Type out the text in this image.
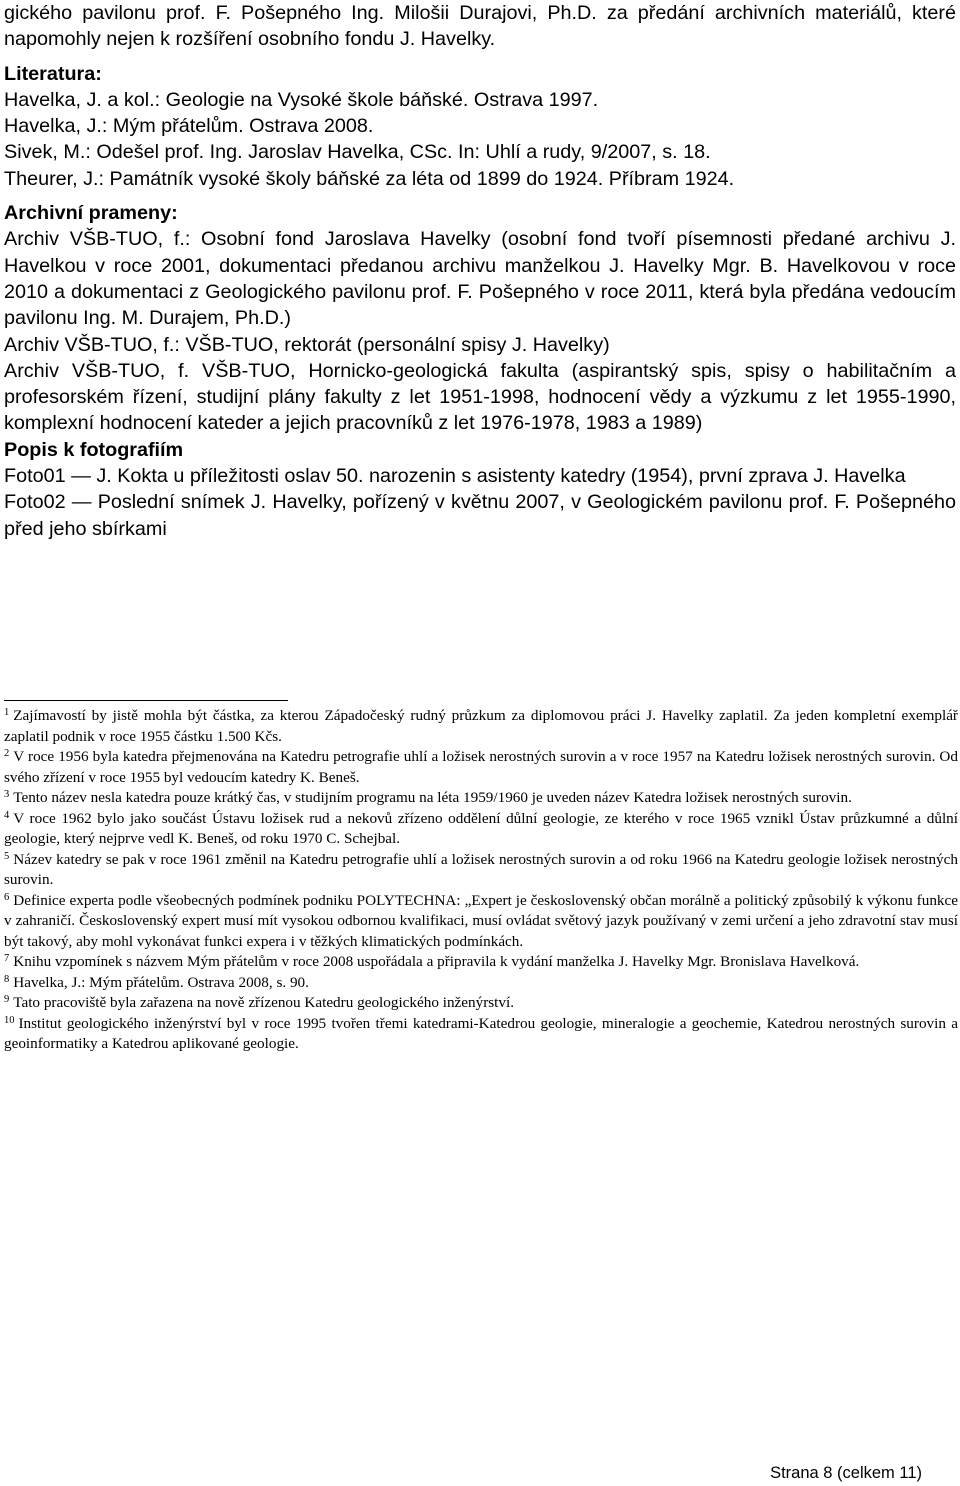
gického pavilonu prof. F. Pošepného Ing. Milošii Durajovi, Ph.D. za předání archivních materiálů, které napomohly nejen k rozšíření osobního fondu J. Havelky.

Literatura:

Havelka, J. a kol.: Geologie na Vysoké škole báňské. Ostrava 1997.

Havelka, J.: Mým přátelům. Ostrava 2008.

Sivek, M.: Odešel prof. Ing. Jaroslav Havelka, CSc. In: Uhlí a rudy, 9/2007, s. 18.

Theurer, J.: Památník vysoké školy báňské za léta od 1899 do 1924. Příbram 1924.

Archivní prameny:

Archiv VŠB-TUO, f.: Osobní fond Jaroslava Havelky (osobní fond tvoří písemnosti předané archivu J. Havelkou v roce 2001, dokumentaci předanou archivu manželkou J. Havelky Mgr. B. Havelkovou v roce 2010 a dokumentaci z Geologického pavilonu prof. F. Pošepného v roce 2011, která byla předána vedoucím pavilonu Ing. M. Durajem, Ph.D.)

Archiv VŠB-TUO, f.: VŠB-TUO, rektorát (personální spisy J. Havelky)

Archiv VŠB-TUO, f. VŠB-TUO, Hornicko-geologická fakulta (aspirantský spis, spisy o habilitačním a profesorském řízení, studijní plány fakulty z let 1951-1998, hodnocení vědy a výzkumu z let 1955-1990, komplexní hodnocení kateder a jejich pracovníků z let 1976-1978, 1983 a 1989)

Popis k fotografiím

Foto01 — J. Kokta u příležitosti oslav 50. narozenin s asistenty katedry (1954), první zprava J. Havelka

Foto02 — Poslední snímek J. Havelky, pořízený v květnu 2007, v Geologickém pavilonu prof. F. Pošepného před jeho sbírkami

$^1$ Zajímavostí by jistě mohla být částka, za kterou Západočeský rudný průzkum za diplomovou práci J. Havelky zaplatil. Za jeden kompletní exemplář zaplatil podnik v roce 1955 částku 1.500 Kčs.

$^2$ V roce 1956 byla katedra přejmenována na Katedru petrografie uhlí a ložisek nerostných surovin a v roce 1957 na Katedru ložisek nerostných surovin. Od svého zřízení v roce 1955 byl vedoucím katedry K. Beneš.

$^3$ Tento název nesla katedra pouze krátký čas, v studijním programu na léta 1959/1960 je uveden název Katedra ložisek nerostných surovin.

$^4$ V roce 1962 bylo jako součást Ústavu ložisek rud a nekovů zřízeno oddělení důlní geologie, ze kterého v roce 1965 vznikl Ústav průzkumné a důlní geologie, který nejprve vedl K. Beneš, od roku 1970 C. Schejbal.

$^5$ Název katedry se pak v roce 1961 změnil na Katedru petrografie uhlí a ložisek nerostných surovin a od roku 1966 na Katedru geologie ložisek nerostných surovin.

$^6$ Definice experta podle všeobecných podmínek podniku POLYTECHNA: „Expert je československý občan morálně a politický způsobilý k výkonu funkce v zahraničí. Československý expert musí mít vysokou odbornou kvalifikaci, musí ovládat světový jazyk používaný v zemi určení a jeho zdravotní stav musí být takový, aby mohl vykonávat funkci expera i v těžkých klimatických podmínkách.

$^7$ Knihu vzpomínek s názvem Mým přátelům v roce 2008 uspořádala a připravila k vydání manželka J. Havelky Mgr. Bronislava Havelková.

$^8$ Havelka, J.: Mým přátelům. Ostrava 2008, s. 90.

$^9$ Tato pracoviště byla zařazena na nově zřízenou Katedru geologického inženýrství.

$^{10}$ Institut geologického inženýrství byl v roce 1995 tvořen třemi katedrami-Katedrou geologie, mineralogie a geochemie, Katedrou nerostných surovin a geoinformatiky a Katedrou aplikované geologie.

Strana 8 (celkem 11)
